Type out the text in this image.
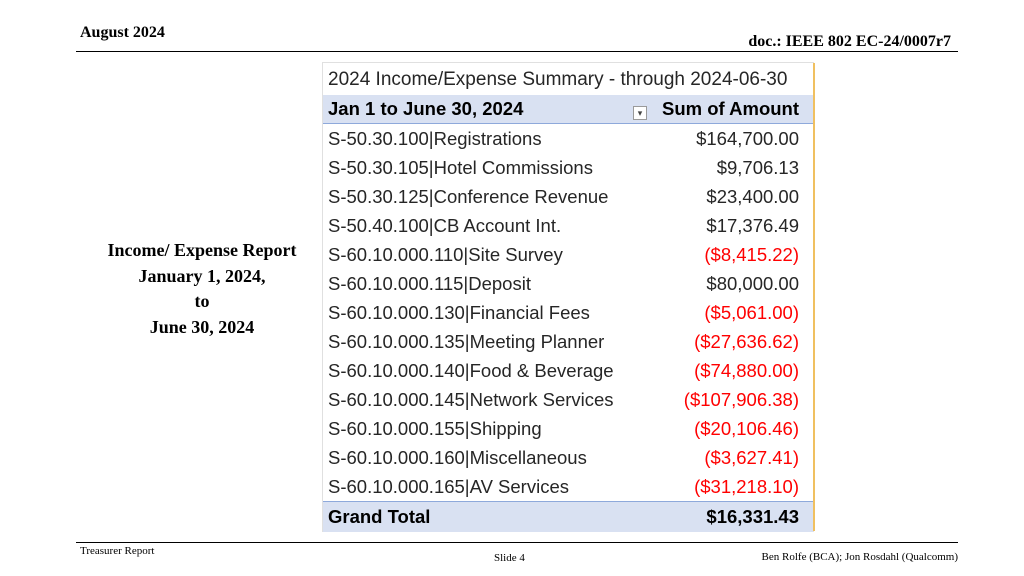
August 2024
doc.: IEEE 802 EC-24/0007r7
Income/ Expense Report
January 1, 2024,
to
June 30, 2024
2024 Income/Expense Summary - through 2024-06-30
Jan 1 to June 30, 2024	▾ Sum of Amount
S-50.30.100|Registrations	$164,700.00
S-50.30.105|Hotel Commissions	$9,706.13
S-50.30.125|Conference Revenue	$23,400.00
S-50.40.100|CB Account Int.	$17,376.49
S-60.10.000.110|Site Survey	($8,415.22)
S-60.10.000.115|Deposit	$80,000.00
S-60.10.000.130|Financial Fees	($5,061.00)
S-60.10.000.135|Meeting Planner	($27,636.62)
S-60.10.000.140|Food & Beverage	($74,880.00)
S-60.10.000.145|Network Services	($107,906.38)
S-60.10.000.155|Shipping	($20,106.46)
S-60.10.000.160|Miscellaneous	($3,627.41)
S-60.10.000.165|AV Services	($31,218.10)
Grand Total	$16,331.43
Treasurer Report
Slide 4	Ben Rolfe (BCA); Jon Rosdahl (Qualcomm)
